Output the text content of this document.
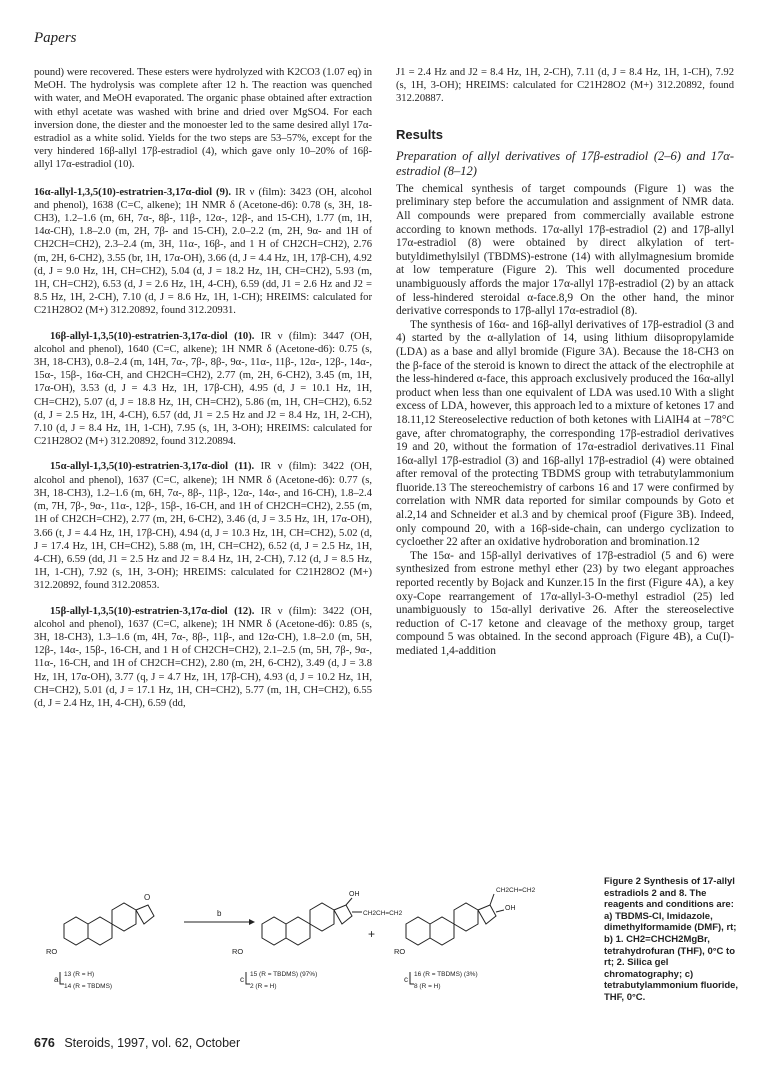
Papers

pound) were recovered. These esters were hydrolyzed with K2CO3 (1.07 eq) in MeOH. The hydrolysis was complete after 12 h. The reaction was quenched with water, and MeOH evaporated. The organic phase obtained after extraction with ethyl acetate was washed with brine and dried over MgSO4. For each inversion done, the diester and the monoester led to the same desired allyl 17α-estradiol as a white solid. Yields for the two steps are 53–57%, except for the very hindered 16β-allyl 17β-estradiol (4), which gave only 10–20% of 16β-allyl 17α-estradiol (10).

16α-allyl-1,3,5(10)-estratrien-3,17α-diol (9). IR ν (film): 3423 (OH, alcohol and phenol), 1638 (C=C, alkene); 1H NMR δ (Acetone-d6): 0.78 (s, 3H, 18-CH3), 1.2–1.6 (m, 6H, 7α-, 8β-, 11β-, 12α-, 12β-, and 15-CH), 1.77 (m, 1H, 14α-CH), 1.8–2.0 (m, 2H, 7β- and 15-CH), 2.0–2.2 (m, 2H, 9α- and 1H of CH2CH=CH2), 2.3–2.4 (m, 3H, 11α-, 16β-, and 1 H of CH2CH=CH2), 2.76 (m, 2H, 6-CH2), 3.55 (br, 1H, 17α-OH), 3.66 (d, J = 4.4 Hz, 1H, 17β-CH), 4.92 (d, J = 9.0 Hz, 1H, CH=CH2), 5.04 (d, J = 18.2 Hz, 1H, CH=CH2), 5.93 (m, 1H, CH=CH2), 6.53 (d, J = 2.6 Hz, 1H, 4-CH), 6.59 (dd, J1 = 2.6 Hz and J2 = 8.5 Hz, 1H, 2-CH), 7.10 (d, J = 8.6 Hz, 1H, 1-CH); HREIMS: calculated for C21H28O2 (M+) 312.20892, found 312.20931.

16β-allyl-1,3,5(10)-estratrien-3,17α-diol (10). IR ν (film): 3447 (OH, alcohol and phenol), 1640 (C=C, alkene); 1H NMR δ (Acetone-d6): 0.75 (s, 3H, 18-CH3), 0.8–2.4 (m, 14H, 7α-, 7β-, 8β-, 9α-, 11α-, 11β-, 12α-, 12β-, 14α-, 15α-, 15β-, 16α-CH, and CH2CH=CH2), 2.77 (m, 2H, 6-CH2), 3.45 (m, 1H, 17α-OH), 3.53 (d, J = 4.3 Hz, 1H, 17β-CH), 4.95 (d, J = 10.1 Hz, 1H, CH=CH2), 5.07 (d, J = 18.8 Hz, 1H, CH=CH2), 5.86 (m, 1H, CH=CH2), 6.52 (d, J = 2.5 Hz, 1H, 4-CH), 6.57 (dd, J1 = 2.5 Hz and J2 = 8.4 Hz, 1H, 2-CH), 7.10 (d, J = 8.4 Hz, 1H, 1-CH), 7.95 (s, 1H, 3-OH); HREIMS: calculated for C21H28O2 (M+) 312.20892, found 312.20894.

15α-allyl-1,3,5(10)-estratrien-3,17α-diol (11). IR ν (film): 3422 (OH, alcohol and phenol), 1637 (C=C, alkene); 1H NMR δ (Acetone-d6): 0.77 (s, 3H, 18-CH3), 1.2–1.6 (m, 6H, 7α-, 8β-, 11β-, 12α-, 14α-, and 16-CH), 1.8–2.4 (m, 7H, 7β-, 9α-, 11α-, 12β-, 15β-, 16-CH, and 1H of CH2CH=CH2), 2.55 (m, 1H of CH2CH=CH2), 2.77 (m, 2H, 6-CH2), 3.46 (d, J = 3.5 Hz, 1H, 17α-OH), 3.66 (t, J = 4.4 Hz, 1H, 17β-CH), 4.94 (d, J = 10.3 Hz, 1H, CH=CH2), 5.02 (d, J = 17.4 Hz, 1H, CH=CH2), 5.88 (m, 1H, CH=CH2), 6.52 (d, J = 2.5 Hz, 1H, 4-CH), 6.59 (dd, J1 = 2.5 Hz and J2 = 8.4 Hz, 1H, 2-CH), 7.12 (d, J = 8.5 Hz, 1H, 1-CH), 7.92 (s, 1H, 3-OH); HREIMS: calculated for C21H28O2 (M+) 312.20892, found 312.20853.

15β-allyl-1,3,5(10)-estratrien-3,17α-diol (12). IR ν (film): 3422 (OH, alcohol and phenol), 1637 (C=C, alkene); 1H NMR δ (Acetone-d6): 0.85 (s, 3H, 18-CH3), 1.3–1.6 (m, 4H, 7α-, 8β-, 11β-, and 12α-CH), 1.8–2.0 (m, 5H, 12β-, 14α-, 15β-, 16-CH, and 1 H of CH2CH=CH2), 2.1–2.5 (m, 5H, 7β-, 9α-, 11α-, 16-CH, and 1H of CH2CH=CH2), 2.80 (m, 2H, 6-CH2), 3.49 (d, J = 3.8 Hz, 1H, 17α-OH), 3.77 (q, J = 4.7 Hz, 1H, 17β-CH), 4.93 (d, J = 10.2 Hz, 1H, CH=CH2), 5.01 (d, J = 17.1 Hz, 1H, CH=CH2), 5.77 (m, 1H, CH=CH2), 6.55 (d, J = 2.4 Hz, 1H, 4-CH), 6.59 (dd,

J1 = 2.4 Hz and J2 = 8.4 Hz, 1H, 2-CH), 7.11 (d, J = 8.4 Hz, 1H, 1-CH), 7.92 (s, 1H, 3-OH); HREIMS: calculated for C21H28O2 (M+) 312.20892, found 312.20887.

Results
Preparation of allyl derivatives of 17β-estradiol (2–6) and 17α-estradiol (8–12)

The chemical synthesis of target compounds (Figure 1) was the preliminary step before the accumulation and assignment of NMR data. All compounds were prepared from commercially available estrone according to known methods. 17α-allyl 17β-estradiol (2) and 17β-allyl 17α-estradiol (8) were obtained by direct alkylation of tert-butyldimethylsilyl (TBDMS)-estrone (14) with allylmagnesium bromide at low temperature (Figure 2). This well documented procedure unambiguously affords the major 17α-allyl 17β-estradiol (2) by an attack of less-hindered steroidal α-face.8,9 On the other hand, the minor derivative corresponds to 17β-allyl 17α-estradiol (8).

The synthesis of 16α- and 16β-allyl derivatives of 17β-estradiol (3 and 4) started by the α-allylation of 14, using lithium diisopropylamide (LDA) as a base and allyl bromide (Figure 3A). Because the 18-CH3 on the β-face of the steroid is known to direct the attack of the electrophile at the less-hindered α-face, this approach exclusively produced the 16α-allyl product when less than one equivalent of LDA was used.10 With a slight excess of LDA, however, this approach led to a mixture of ketones 17 and 18.11,12 Stereoselective reduction of both ketones with LiAlH4 at −78°C gave, after chromatography, the corresponding 17β-estradiol derivatives 19 and 20, without the formation of 17α-estradiol derivatives.11 Final 16α-allyl 17β-estradiol (3) and 16β-allyl 17β-estradiol (4) were obtained after removal of the protecting TBDMS group with tetrabutylammonium fluoride.13 The stereochemistry of carbons 16 and 17 were confirmed by correlation with NMR data reported for similar compounds by Goto et al.2,14 and Schneider et al.3 and by chemical proof (Figure 3B). Indeed, only compound 20, with a 16β-side-chain, can undergo cyclization to cycloether 22 after an oxidative hydroboration and bromination.12

The 15α- and 15β-allyl derivatives of 17β-estradiol (5 and 6) were synthesized from estrone methyl ether (23) by two elegant approaches reported recently by Bojack and Kunzer.15 In the first (Figure 4A), a key oxy-Cope rearrangement of 17α-allyl-3-O-methyl estradiol (25) led unambiguously to 15α-allyl derivative 26. After the stereoselective reduction of C-17 ketone and cleavage of the methoxy group, target compound 5 was obtained. In the second approach (Figure 4B), a Cu(I)-mediated 1,4-addition

O
RO
a
13 (R = H)
14 (R = TBDMS)
b
OH
CH2CH=CH2
RO
c
15 (R = TBDMS) (97%)
2 (R = H)
+
CH2CH=CH2
OH
RO
c
16 (R = TBDMS) (3%)
8 (R = H)
Figure 2 Synthesis of 17-allyl estradiols 2 and 8. The reagents and conditions are: a) TBDMS-Cl, Imidazole, dimethylformamide (DMF), rt; b) 1. CH2=CHCH2MgBr, tetrahydrofuran (THF), 0°C to rt; 2. Silica gel chromatography; c) tetrabutylammonium fluoride, THF, 0°C.
676 Steroids, 1997, vol. 62, October
